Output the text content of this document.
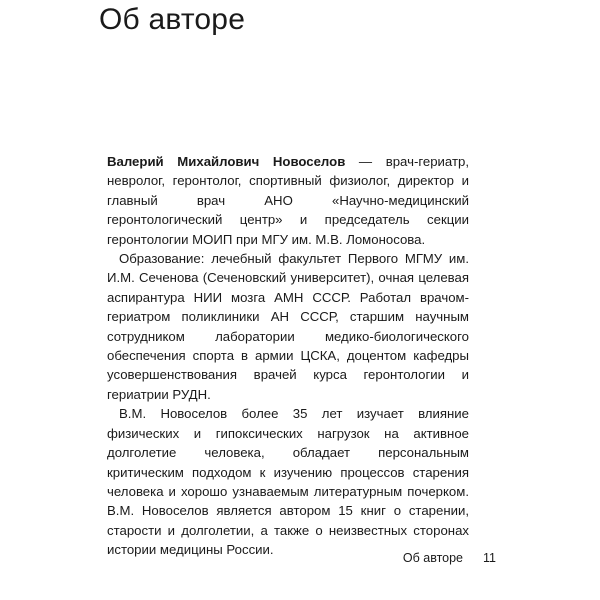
Об авторе

Валерий Михайлович Новоселов — врач-гериатр, невролог, геронтолог, спортивный физиолог, директор и главный врач АНО «Научно-медицинский геронтологический центр» и председатель секции геронтологии МОИП при МГУ им. М.В. Ломоносова.

Образование: лечебный факультет Первого МГМУ им. И.М. Сеченова (Сеченовский университет), очная целевая аспирантура НИИ мозга АМН СССР. Работал врачом-гериатром поликлиники АН СССР, старшим научным сотрудником лаборатории медико-биологического обеспечения спорта в армии ЦСКА, доцентом кафедры усовершенствования врачей курса геронтологии и гериатрии РУДН.

В.М. Новоселов более 35 лет изучает влияние физических и гипоксических нагрузок на активное долголетие человека, обладает персональным критическим подходом к изучению процессов старения человека и хорошо узнаваемым литературным почерком. В.М. Новоселов является автором 15 книг о старении, старости и долголетии, а также о неизвестных сторонах истории медицины России.

Об авторе 11
